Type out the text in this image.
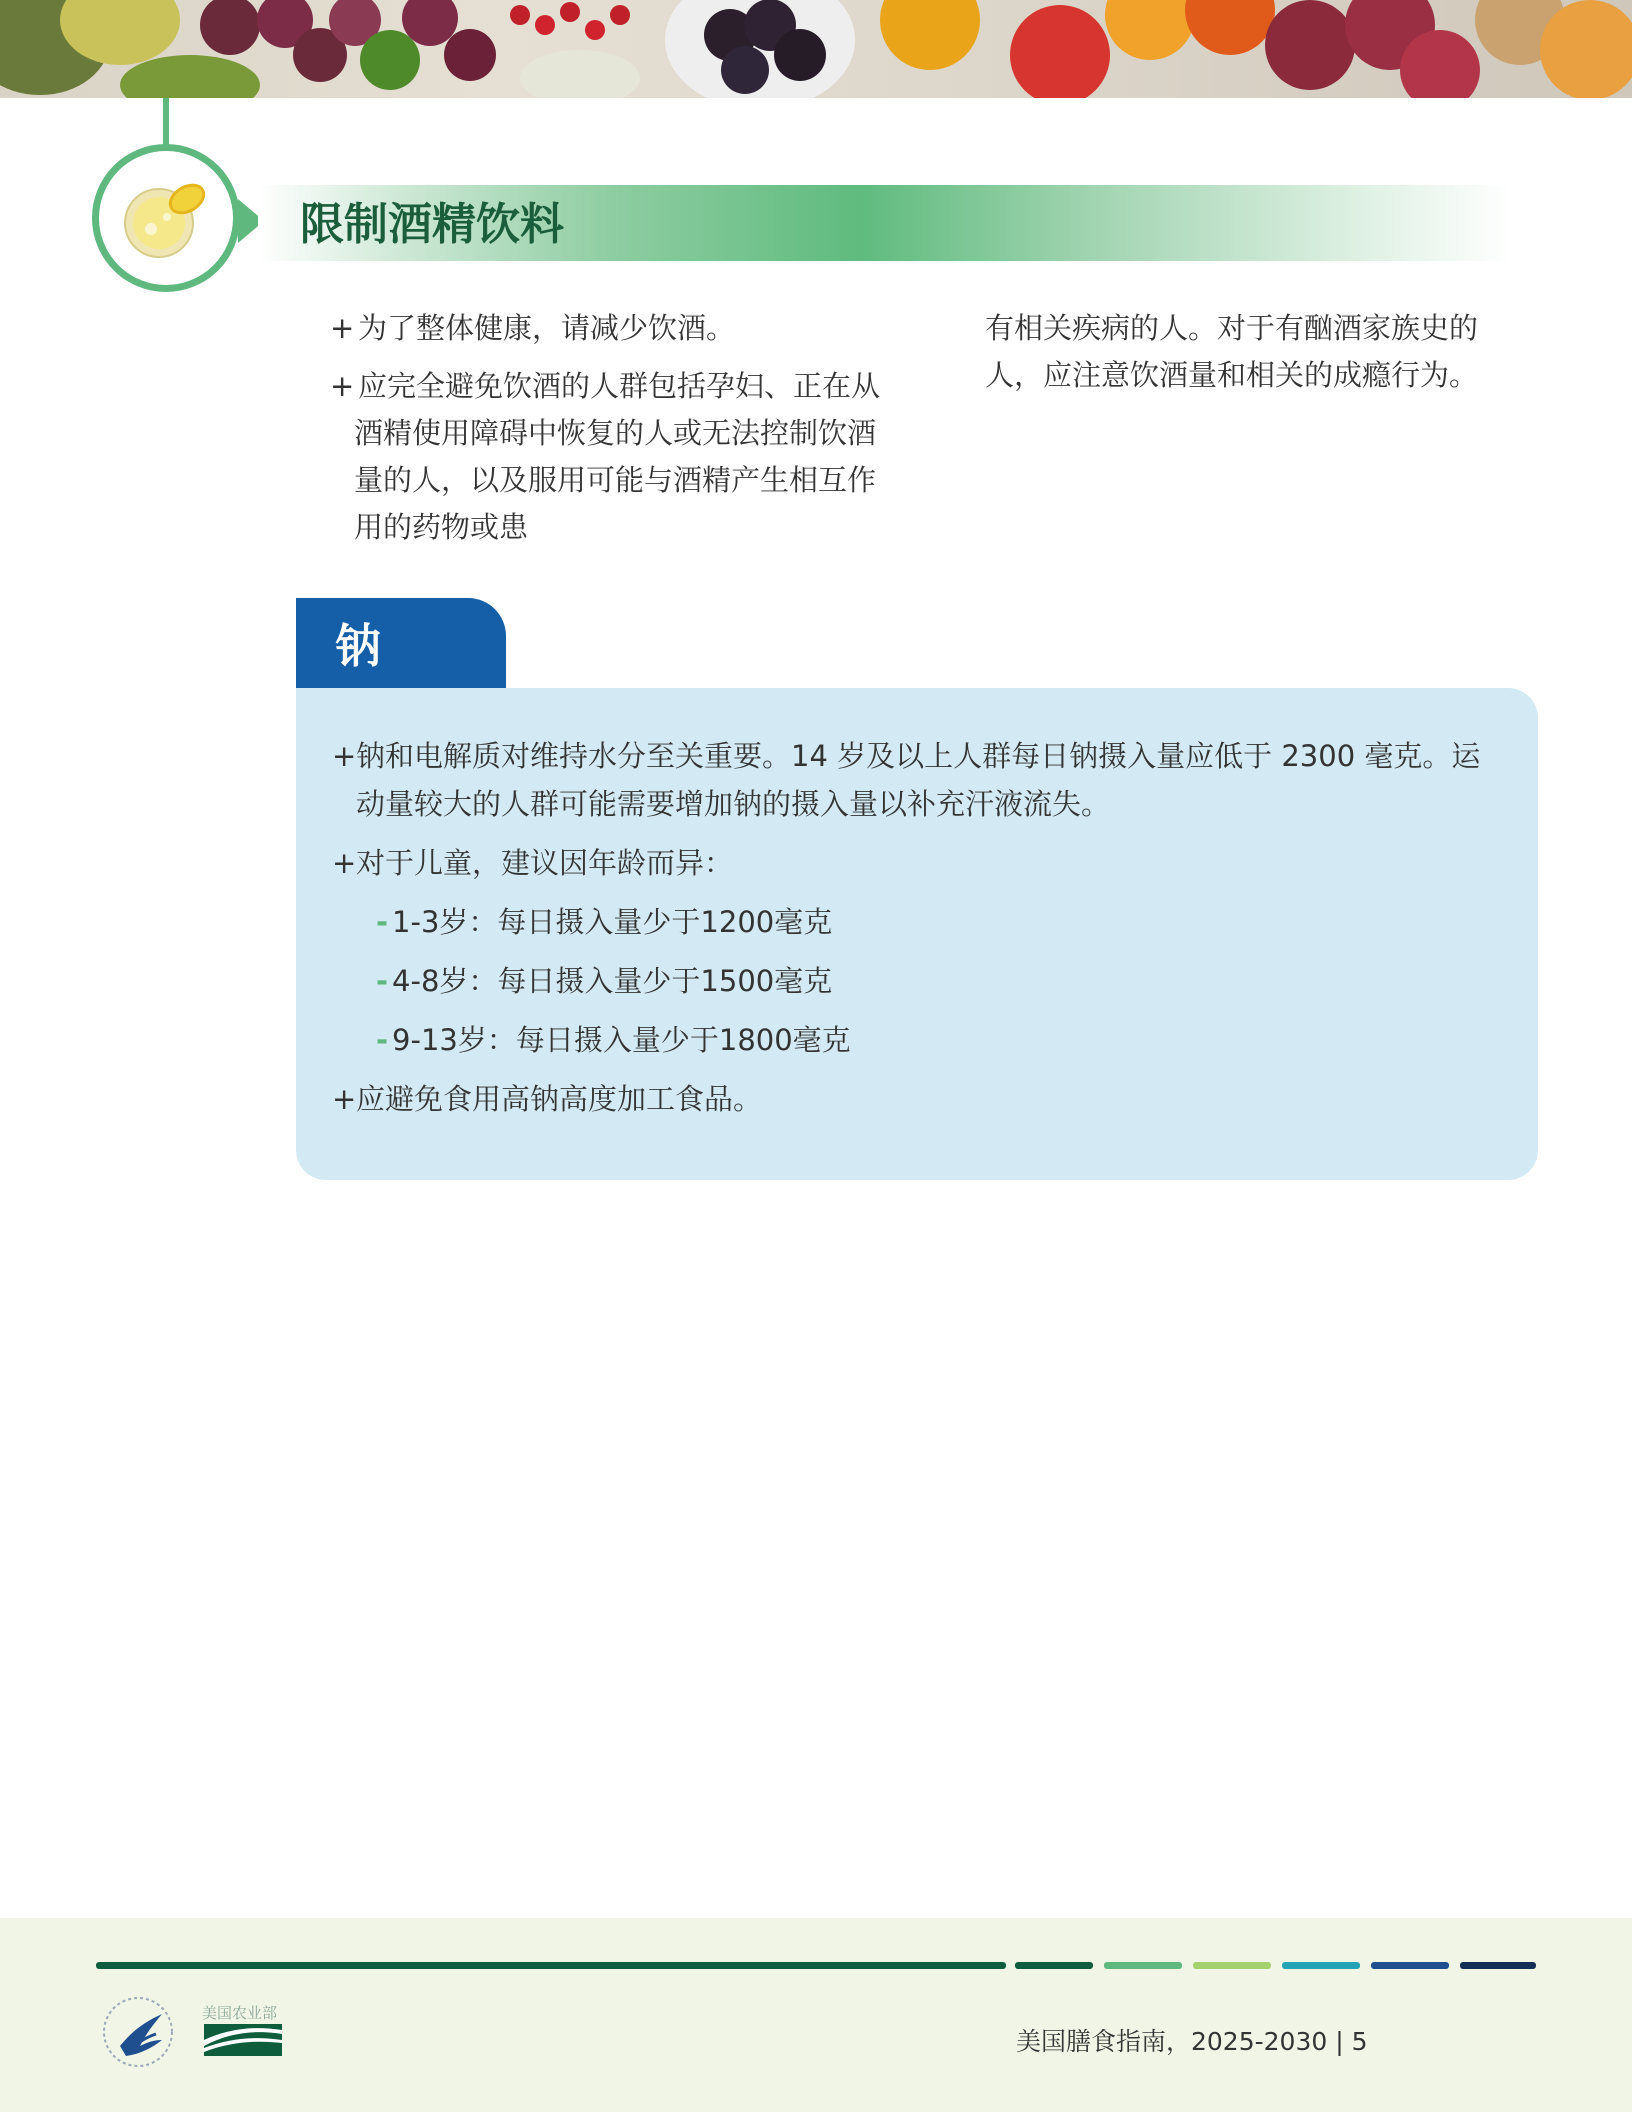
限制酒精饮料
+ 为了整体健康，请减少饮酒。
+ 应完全避免饮酒的人群包括孕妇、正在从酒精使用障碍中恢复的人或无法控制饮酒量的人，以及服用可能与酒精产生相互作用的药物或患
有相关疾病的人。对于有酗酒家族史的人，应注意饮酒量和相关的成瘾行为。
钠
+ 钠和电解质对维持水分至关重要。14 岁及以上人群每日钠摄入量应低于 2300 毫克。运动量较大的人群可能需要增加钠的摄入量以补充汗液流失。
+ 对于儿童，建议因年龄而异：
- 1-3岁：每日摄入量少于1200毫克
- 4-8岁：每日摄入量少于1500毫克
- 9-13岁：每日摄入量少于1800毫克
+ 应避免食用高钠高度加工食品。
美国农业部
美国膳食指南，2025-2030 | 5
